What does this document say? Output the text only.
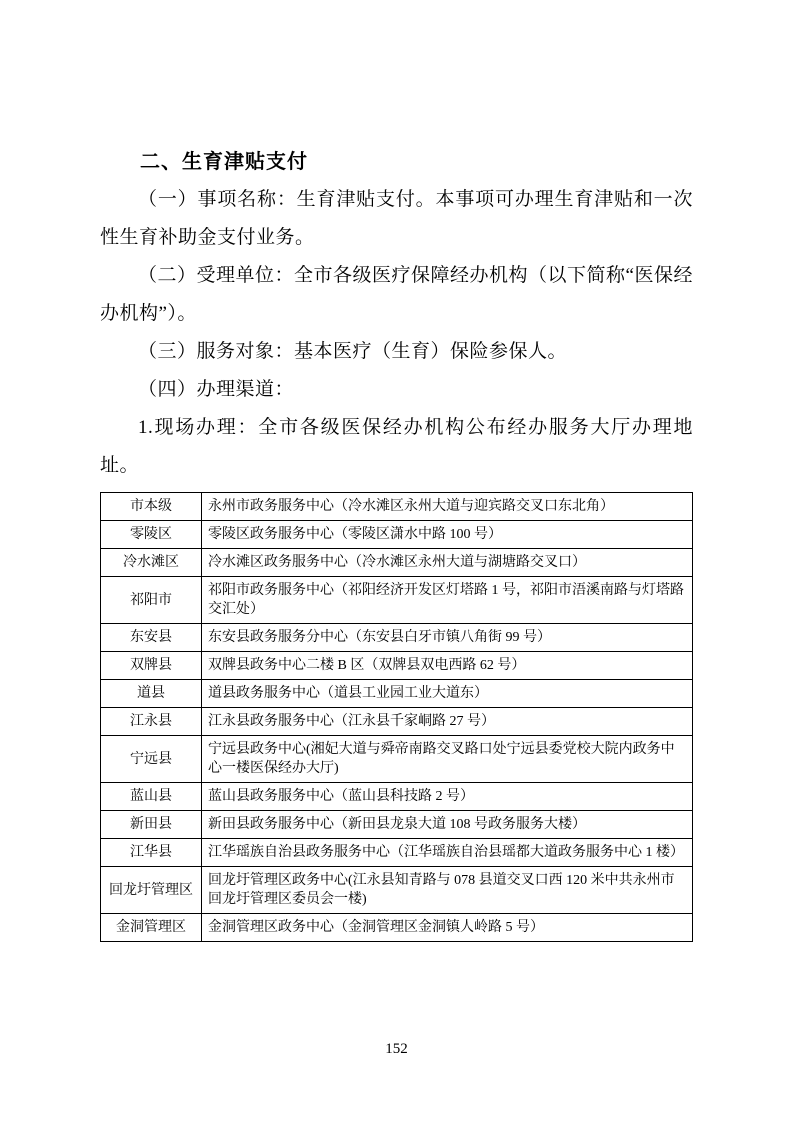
二、生育津贴支付

（一）事项名称：生育津贴支付。本事项可办理生育津贴和一次性生育补助金支付业务。

（二）受理单位：全市各级医疗保障经办机构（以下简称“医保经办机构”）。

（三）服务对象：基本医疗（生育）保险参保人。

（四）办理渠道：

1.现场办理：全市各级医保经办机构公布经办服务大厅办理地址。

市本级	永州市政务服务中心（冷水滩区永州大道与迎宾路交叉口东北角）
零陵区	零陵区政务服务中心（零陵区潇水中路 100 号）
冷水滩区	冷水滩区政务服务中心（冷水滩区永州大道与湖塘路交叉口）
祁阳市	祁阳市政务服务中心（祁阳经济开发区灯塔路 1 号，祁阳市浯溪南路与灯塔路交汇处）
东安县	东安县政务服务分中心（东安县白牙市镇八角街 99 号）
双牌县	双牌县政务中心二楼 B 区（双牌县双电西路 62 号）
道县	道县政务服务中心（道县工业园工业大道东）
江永县	江永县政务服务中心（江永县千家峒路 27 号）
宁远县	宁远县政务中心(湘妃大道与舜帝南路交叉路口处宁远县委党校大院内政务中心一楼医保经办大厅)
蓝山县	蓝山县政务服务中心（蓝山县科技路 2 号）
新田县	新田县政务服务中心（新田县龙泉大道 108 号政务服务大楼）
江华县	江华瑶族自治县政务服务中心（江华瑶族自治县瑶都大道政务服务中心 1 楼）
回龙圩管理区	回龙圩管理区政务中心(江永县知青路与 078 县道交叉口西 120 米中共永州市回龙圩管理区委员会一楼)
金洞管理区	金洞管理区政务中心（金洞管理区金洞镇人岭路 5 号）
152
